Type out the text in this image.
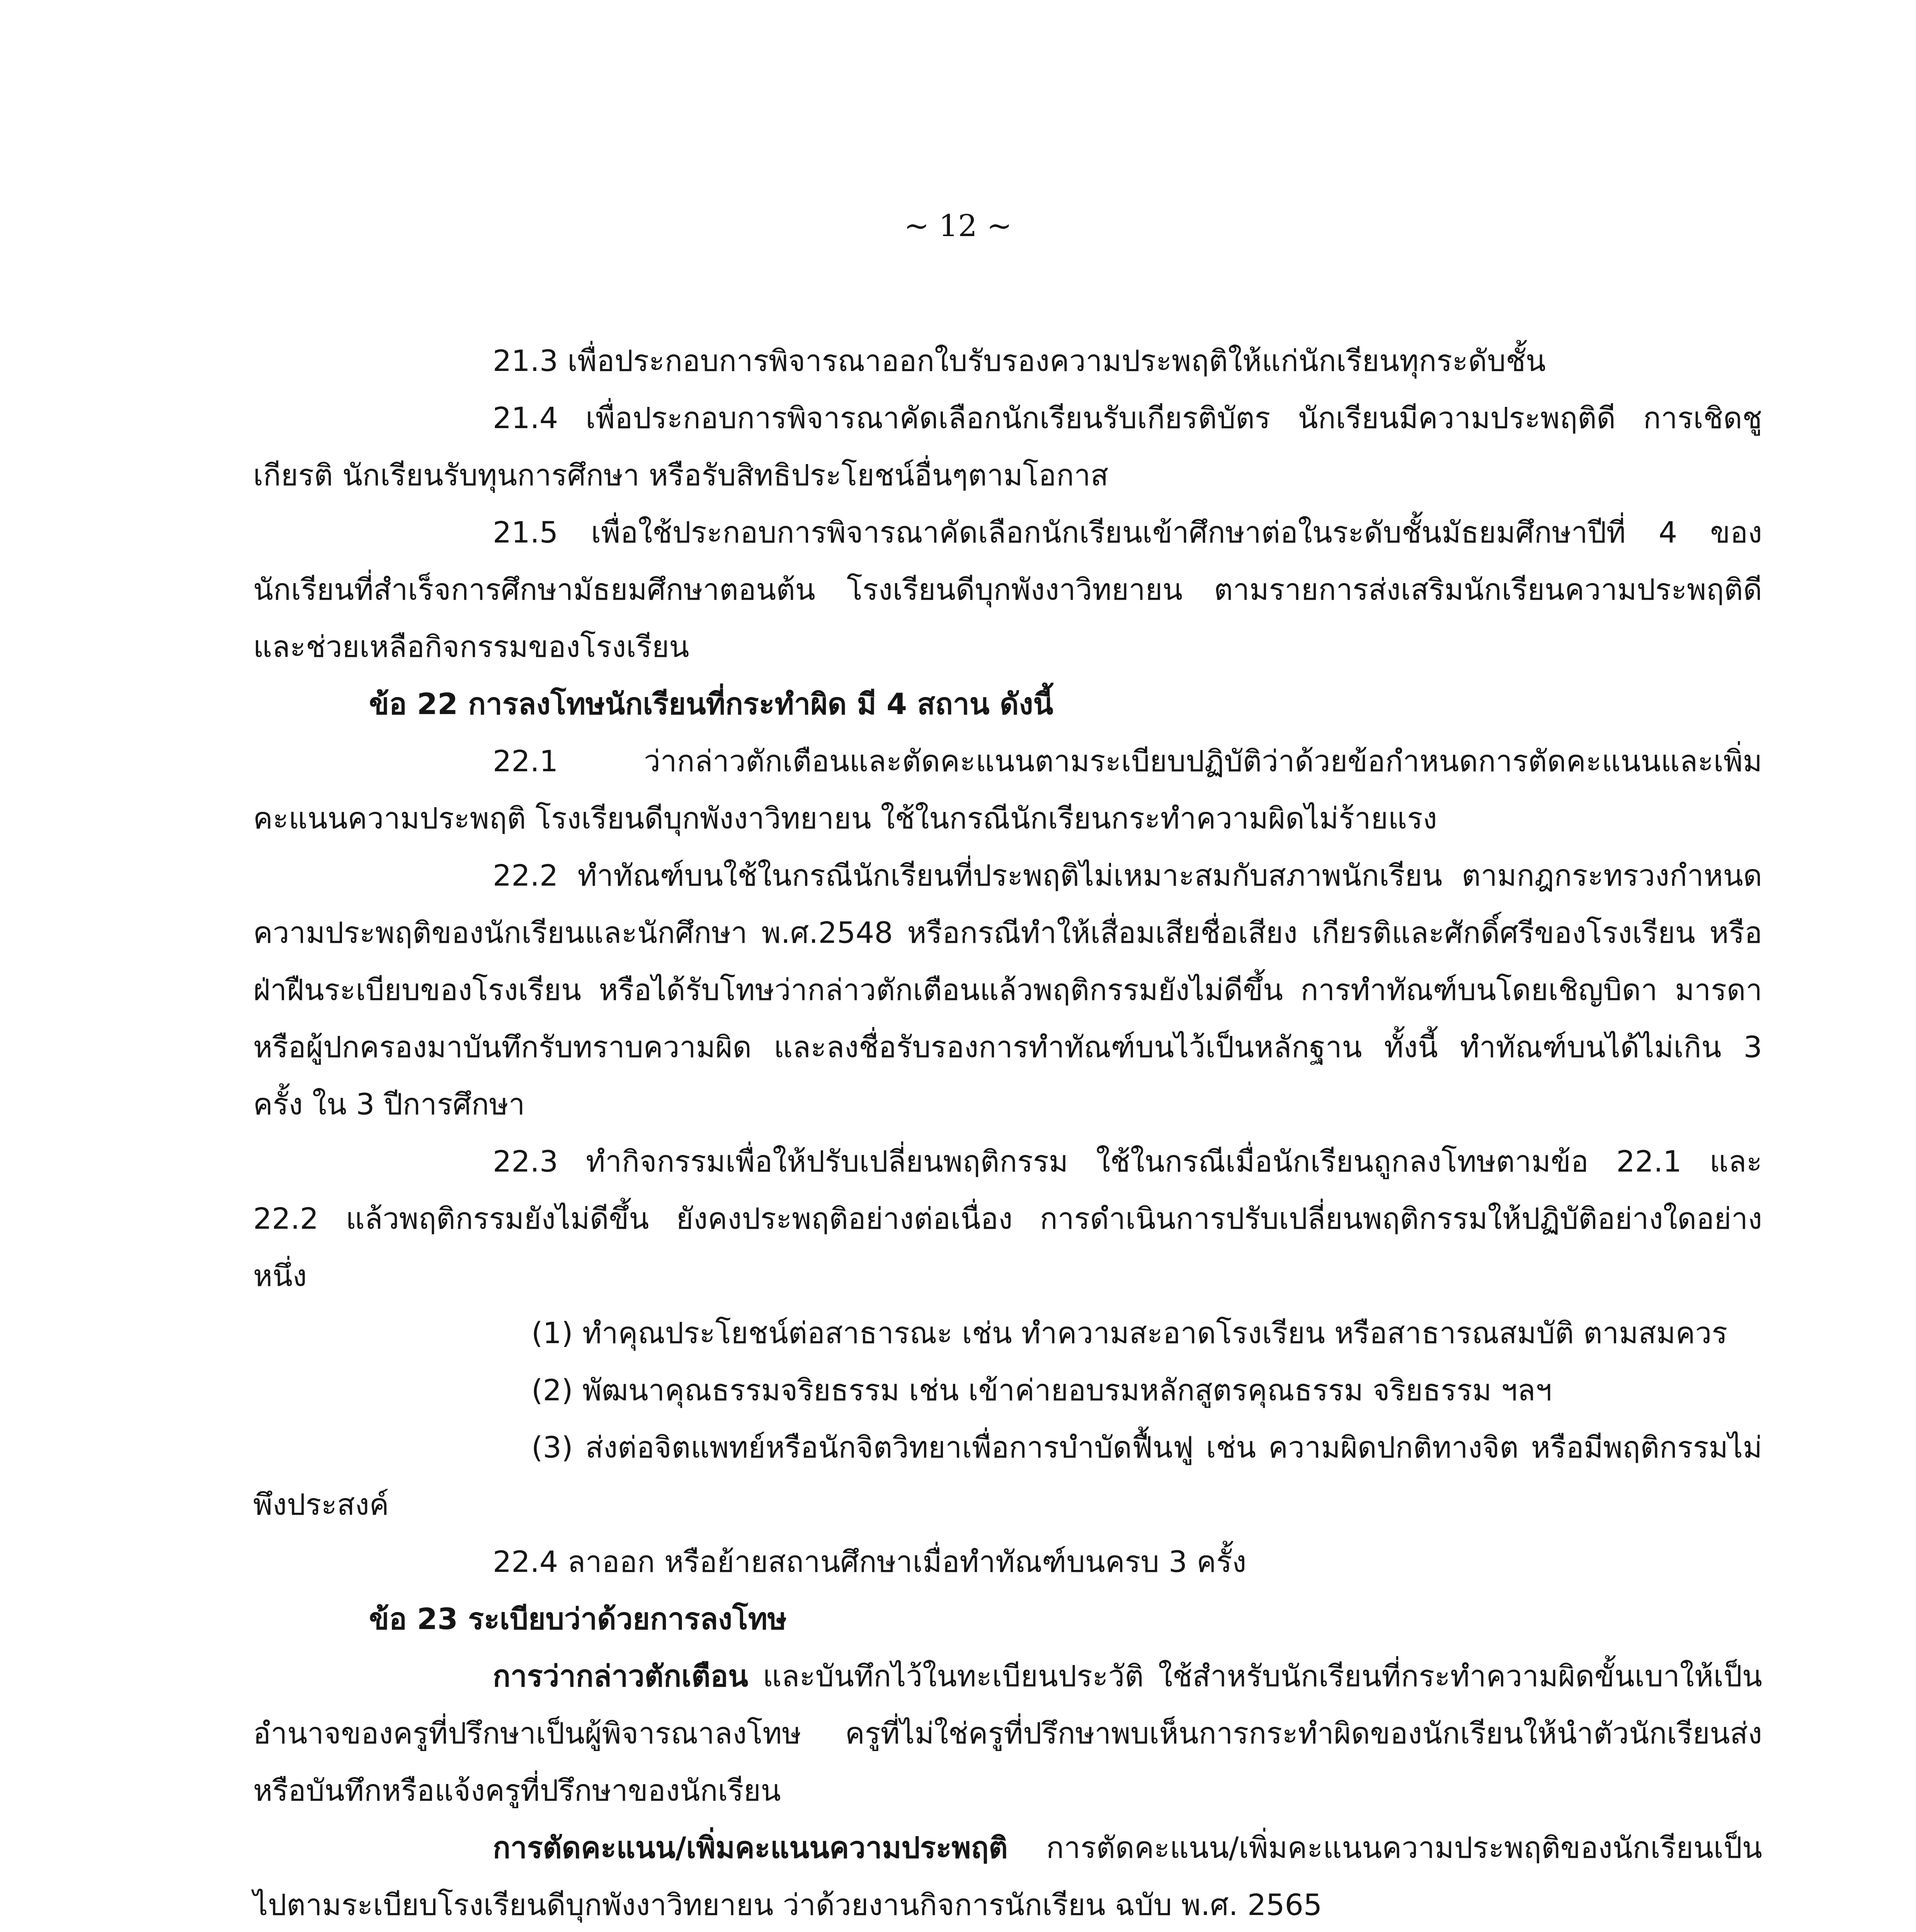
~ 12 ~

21.3 เพื่อประกอบการพิจารณาออกใบรับรองความประพฤติให้แก่นักเรียนทุกระดับชั้น

21.4 เพื่อประกอบการพิจารณาคัดเลือกนักเรียนรับเกียรติบัตร นักเรียนมีความประพฤติดี การเชิดชูเกียรติ นักเรียนรับทุนการศึกษา หรือรับสิทธิประโยชน์อื่นๆตามโอกาส

21.5 เพื่อใช้ประกอบการพิจารณาคัดเลือกนักเรียนเข้าศึกษาต่อในระดับชั้นมัธยมศึกษาปีที่ 4 ของนักเรียนที่สำเร็จการศึกษามัธยมศึกษาตอนต้น โรงเรียนดีบุกพังงาวิทยายน ตามรายการส่งเสริมนักเรียนความประพฤติดี และช่วยเหลือกิจกรรมของโรงเรียน

ข้อ 22 การลงโทษนักเรียนที่กระทำผิด มี 4 สถาน ดังนี้

22.1 ว่ากล่าวตักเตือนและตัดคะแนนตามระเบียบปฏิบัติว่าด้วยข้อกำหนดการตัดคะแนนและเพิ่มคะแนนความประพฤติ โรงเรียนดีบุกพังงาวิทยายน ใช้ในกรณีนักเรียนกระทำความผิดไม่ร้ายแรง

22.2 ทำทัณฑ์บนใช้ในกรณีนักเรียนที่ประพฤติไม่เหมาะสมกับสภาพนักเรียน ตามกฎกระทรวงกำหนดความประพฤติของนักเรียนและนักศึกษา พ.ศ.2548 หรือกรณีทำให้เสื่อมเสียชื่อเสียง เกียรติและศักดิ์ศรีของโรงเรียน หรือฝ่าฝืนระเบียบของโรงเรียน หรือได้รับโทษว่ากล่าวตักเตือนแล้วพฤติกรรมยังไม่ดีขึ้น การทำทัณฑ์บนโดยเชิญบิดา มารดา หรือผู้ปกครองมาบันทึกรับทราบความผิด และลงชื่อรับรองการทำทัณฑ์บนไว้เป็นหลักฐาน ทั้งนี้ ทำทัณฑ์บนได้ไม่เกิน 3 ครั้ง ใน 3 ปีการศึกษา

22.3 ทำกิจกรรมเพื่อให้ปรับเปลี่ยนพฤติกรรม ใช้ในกรณีเมื่อนักเรียนถูกลงโทษตามข้อ 22.1 และ 22.2 แล้วพฤติกรรมยังไม่ดีขึ้น ยังคงประพฤติอย่างต่อเนื่อง การดำเนินการปรับเปลี่ยนพฤติกรรมให้ปฏิบัติอย่างใดอย่างหนึ่ง

(1) ทำคุณประโยชน์ต่อสาธารณะ เช่น ทำความสะอาดโรงเรียน หรือสาธารณสมบัติ ตามสมควร

(2) พัฒนาคุณธรรมจริยธรรม เช่น เข้าค่ายอบรมหลักสูตรคุณธรรม จริยธรรม ฯลฯ

(3) ส่งต่อจิตแพทย์หรือนักจิตวิทยาเพื่อการบำบัดฟื้นฟู เช่น ความผิดปกติทางจิต หรือมีพฤติกรรมไม่พึงประสงค์

22.4 ลาออก หรือย้ายสถานศึกษาเมื่อทำทัณฑ์บนครบ 3 ครั้ง

ข้อ 23 ระเบียบว่าด้วยการลงโทษ

การว่ากล่าวตักเตือน และบันทึกไว้ในทะเบียนประวัติ ใช้สำหรับนักเรียนที่กระทำความผิดขั้นเบาให้เป็นอำนาจของครูที่ปรึกษาเป็นผู้พิจารณาลงโทษ ครูที่ไม่ใช่ครูที่ปรึกษาพบเห็นการกระทำผิดของนักเรียนให้นำตัวนักเรียนส่งหรือบันทึกหรือแจ้งครูที่ปรึกษาของนักเรียน

การตัดคะแนน/เพิ่มคะแนนความประพฤติ การตัดคะแนน/เพิ่มคะแนนความประพฤติของนักเรียนเป็นไปตามระเบียบโรงเรียนดีบุกพังงาวิทยายน ว่าด้วยงานกิจการนักเรียน ฉบับ พ.ศ. 2565
